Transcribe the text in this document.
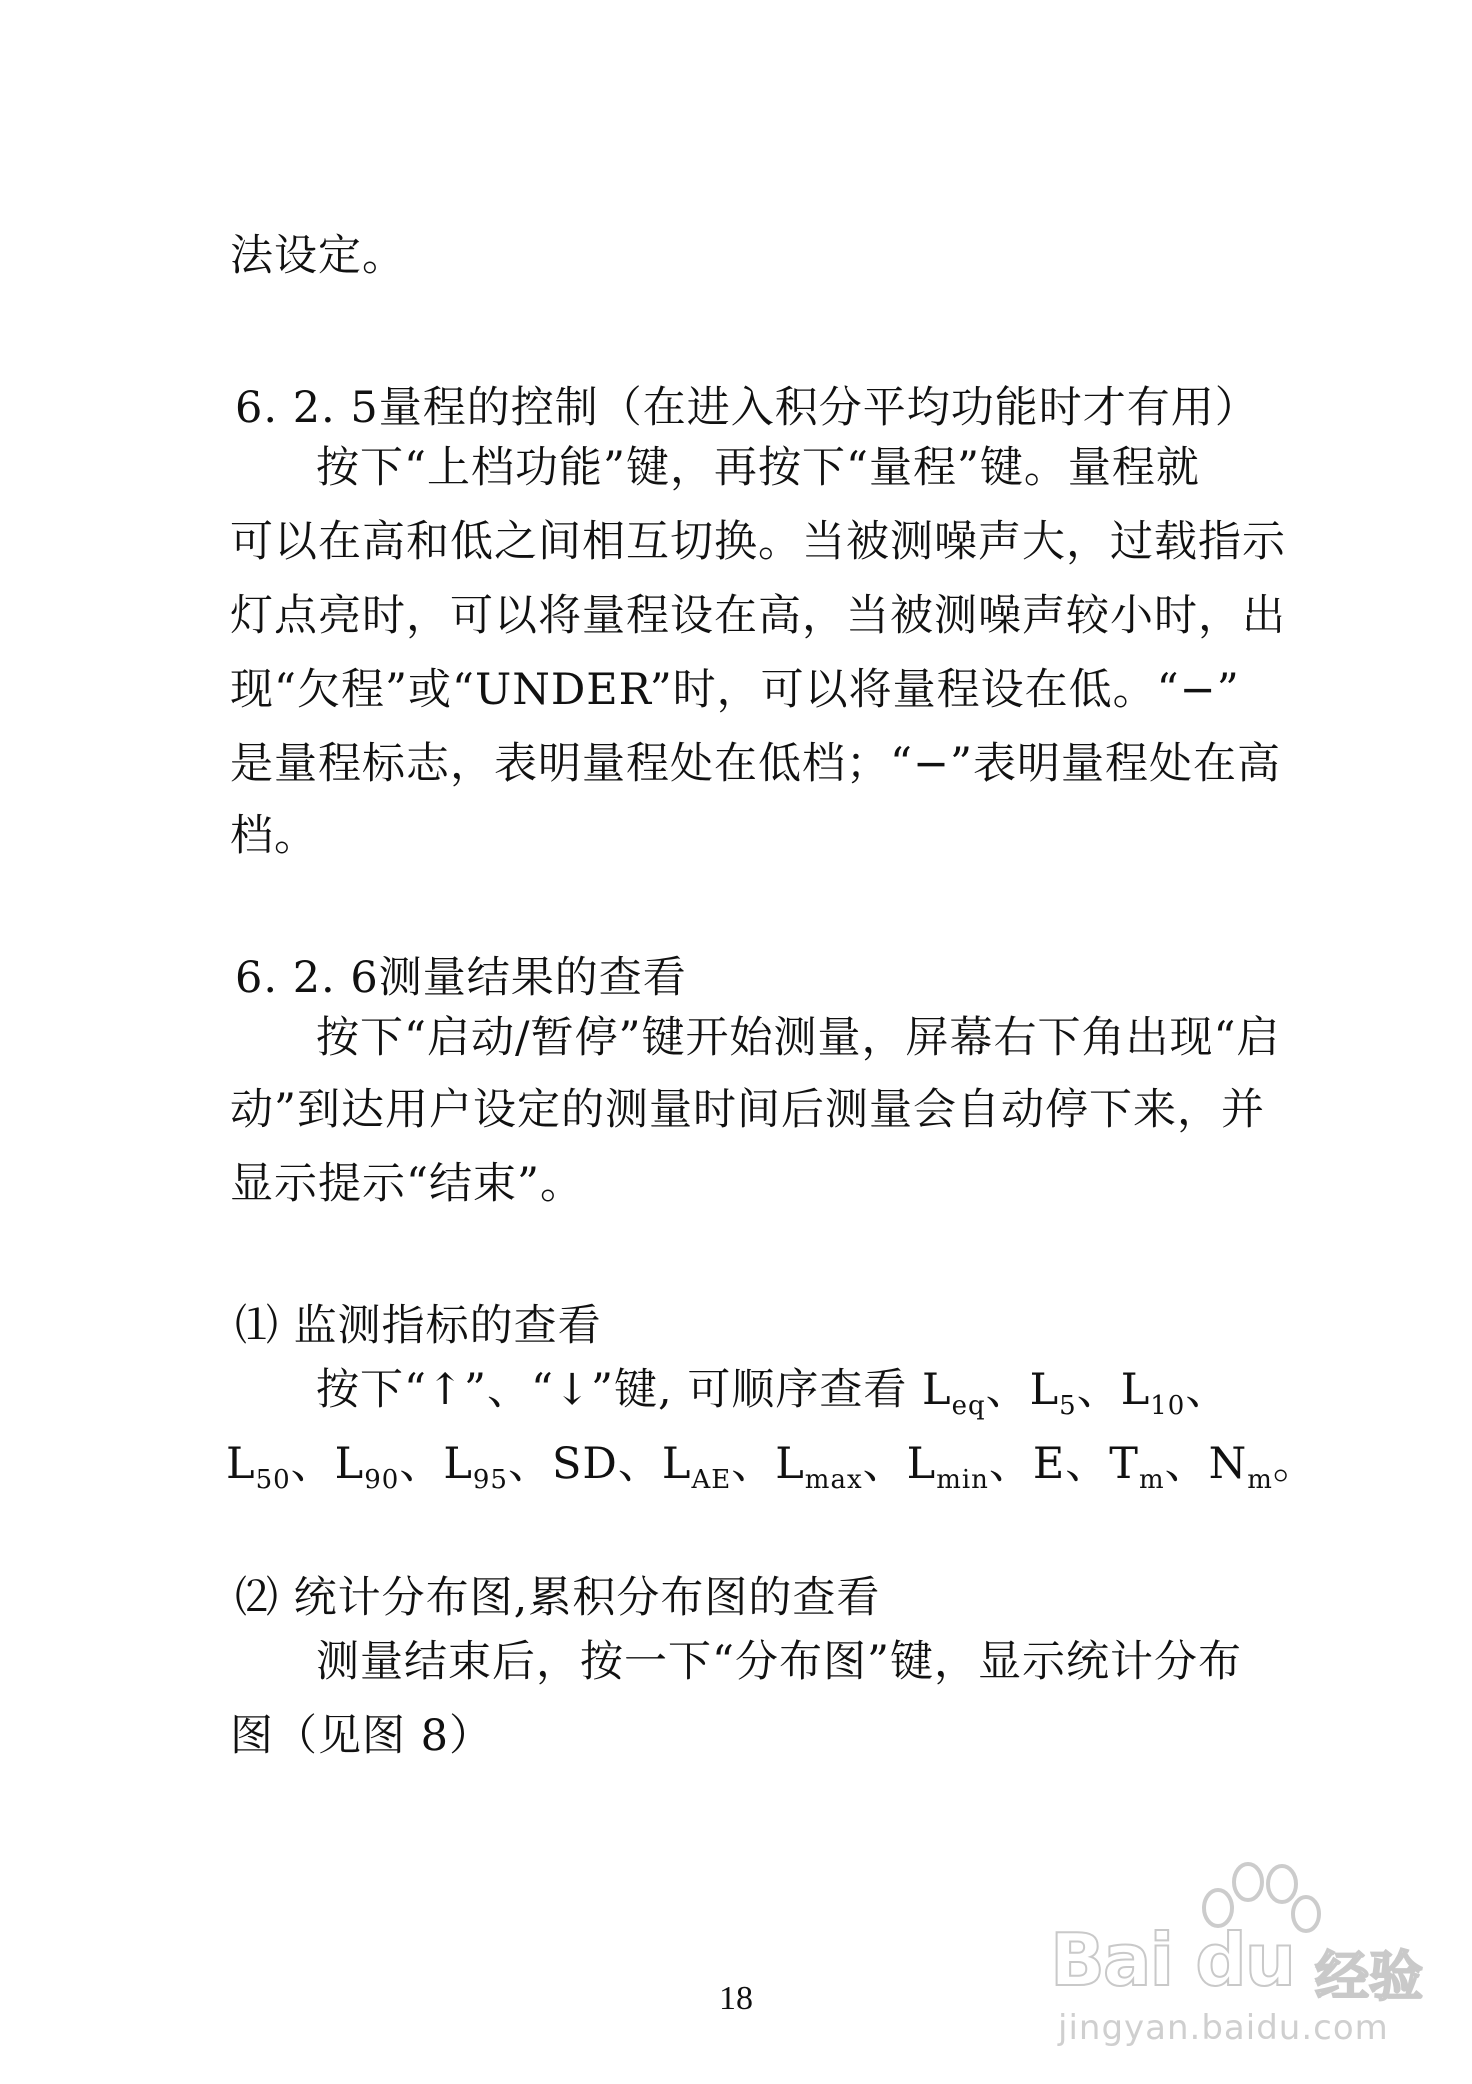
法设定。
6. 2. 5量程的控制（在进入积分平均功能时才有用）
按下“上档功能”键，再按下“量程”键。量程就
可以在高和低之间相互切换。当被测噪声大，过载指示
灯点亮时，可以将量程设在高，当被测噪声较小时，出
现“欠程”或“UNDER”时，可以将量程设在低。“−”
是量程标志，表明量程处在低档；“−”表明量程处在高
档。
6. 2. 6测量结果的查看
按下“启动/暂停”键开始测量，屏幕右下角出现“启
动”到达用户设定的测量时间后测量会自动停下来，并
显示提示“结束”。
⑴ 监测指标的查看
按下“↑”、“↓”键, 可顺序查看 $L_{eq}$、$L_5$、$L_{10}$、
$L_{50}$、$L_{90}$、$L_{95}$、SD、$L_{AE}$、$L_{max}$、$L_{min}$、E、$T_m$、$N_m$。
⑵ 统计分布图,累积分布图的查看
测量结束后，按一下“分布图”键，显示统计分布
图（见图 8）
18	Bai du 经验
jingyan.baidu.com
